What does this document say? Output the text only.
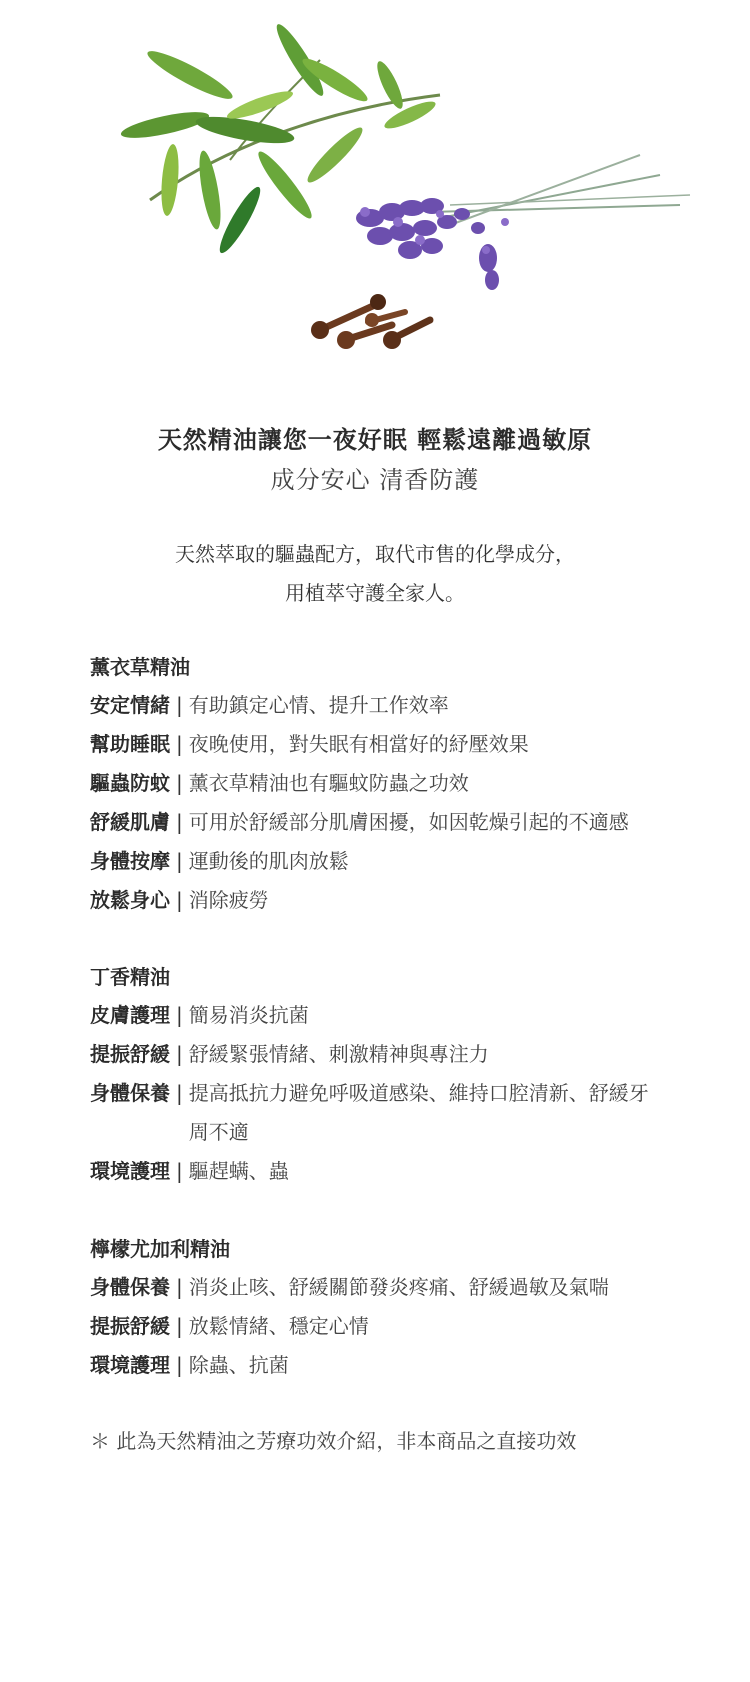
天然精油讓您一夜好眠 輕鬆遠離過敏原
成分安心 清香防護
天然萃取的驅蟲配方，取代市售的化學成分，
用植萃守護全家人。
薰衣草精油
安定情緒 | 有助鎮定心情、提升工作效率
幫助睡眠 | 夜晚使用，對失眠有相當好的紓壓效果
驅蟲防蚊 | 薰衣草精油也有驅蚊防蟲之功效
舒緩肌膚 | 可用於舒緩部分肌膚困擾，如因乾燥引起的不適感
身體按摩 | 運動後的肌肉放鬆
放鬆身心 | 消除疲勞
丁香精油
皮膚護理 | 簡易消炎抗菌
提振舒緩 | 舒緩緊張情緒、刺激精神與專注力
身體保養 | 提高抵抗力避免呼吸道感染、維持口腔清新、舒緩牙周不適
環境護理 | 驅趕螨、蟲
檸檬尤加利精油
身體保養 | 消炎止咳、舒緩關節發炎疼痛、舒緩過敏及氣喘
提振舒緩 | 放鬆情緒、穩定心情
環境護理 | 除蟲、抗菌
＊ 此為天然精油之芳療功效介紹，非本商品之直接功效
